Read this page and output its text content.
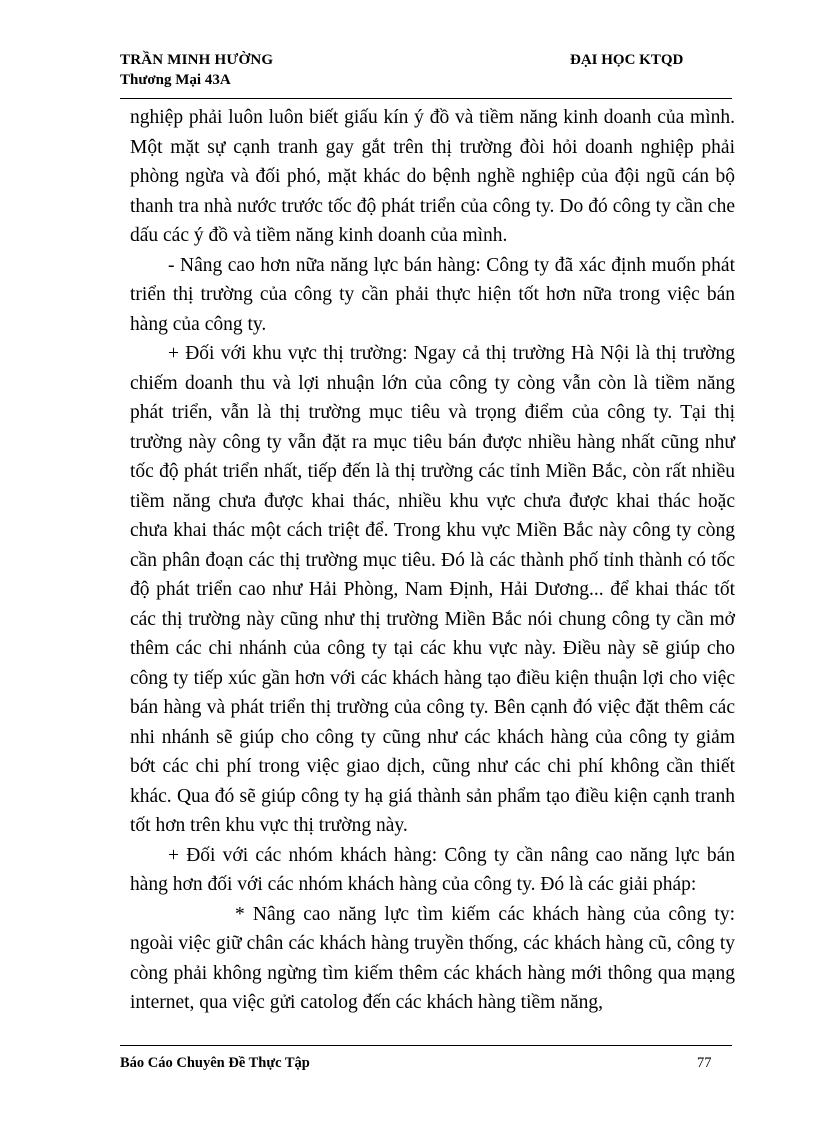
TRẦN MINH HƯỜNG
Thương Mại 43A
ĐẠI HỌC KTQD

nghiệp phải luôn luôn biết giấu kín ý đồ và tiềm năng kinh doanh của mình. Một mặt sự cạnh tranh gay gắt trên thị trường đòi hỏi doanh nghiệp phải phòng ngừa và đối phó, mặt khác do bệnh nghề nghiệp của đội ngũ cán bộ thanh tra nhà nước trước tốc độ phát triển của công ty. Do đó công ty cần che dấu các ý đồ và tiềm năng kinh doanh của mình.

- Nâng cao hơn nữa năng lực bán hàng: Công ty đã xác định muốn phát triển thị trường của công ty cần phải thực hiện tốt hơn nữa trong việc bán hàng của công ty.

+ Đối với khu vực thị trường: Ngay cả thị trường Hà Nội là thị trường chiếm doanh thu và lợi nhuận lớn của công ty còng vẫn còn là tiềm năng phát triển, vẫn là thị trường mục tiêu và trọng điểm của công ty. Tại thị trường này công ty vẫn đặt ra mục tiêu bán được nhiều hàng nhất cũng như tốc độ phát triển nhất, tiếp đến là thị trường các tỉnh Miền Bắc, còn rất nhiều tiềm năng chưa được khai thác, nhiều khu vực chưa được khai thác hoặc chưa khai thác một cách triệt để. Trong khu vực Miền Bắc này công ty còng cần phân đoạn các thị trường mục tiêu. Đó là các thành phố tỉnh thành có tốc độ phát triển cao như Hải Phòng, Nam Định, Hải Dương... để khai thác tốt các thị trường này cũng như thị trường Miền Bắc nói chung công ty cần mở thêm các chi nhánh của công ty tại các khu vực này. Điều này sẽ giúp cho công ty tiếp xúc gần hơn với các khách hàng tạo điều kiện thuận lợi cho việc bán hàng và phát triển thị trường của công ty. Bên cạnh đó việc đặt thêm các nhi nhánh sẽ giúp cho công ty cũng như các khách hàng của công ty giảm bớt các chi phí trong việc giao dịch, cũng như các chi phí không cần thiết khác. Qua đó sẽ giúp công ty hạ giá thành sản phẩm tạo điều kiện cạnh tranh tốt hơn trên khu vực thị trường này.

+ Đối với các nhóm khách hàng: Công ty cần nâng cao năng lực bán hàng hơn đối với các nhóm khách hàng của công ty. Đó là các giải pháp:

* Nâng cao năng lực tìm kiếm các khách hàng của công ty: ngoài việc giữ chân các khách hàng truyền thống, các khách hàng cũ, công ty còng phải không ngừng tìm kiếm thêm các khách hàng mới thông qua mạng internet, qua việc gửi catolog đến các khách hàng tiềm năng,

Báo Cáo Chuyên Đề Thực Tập	77
